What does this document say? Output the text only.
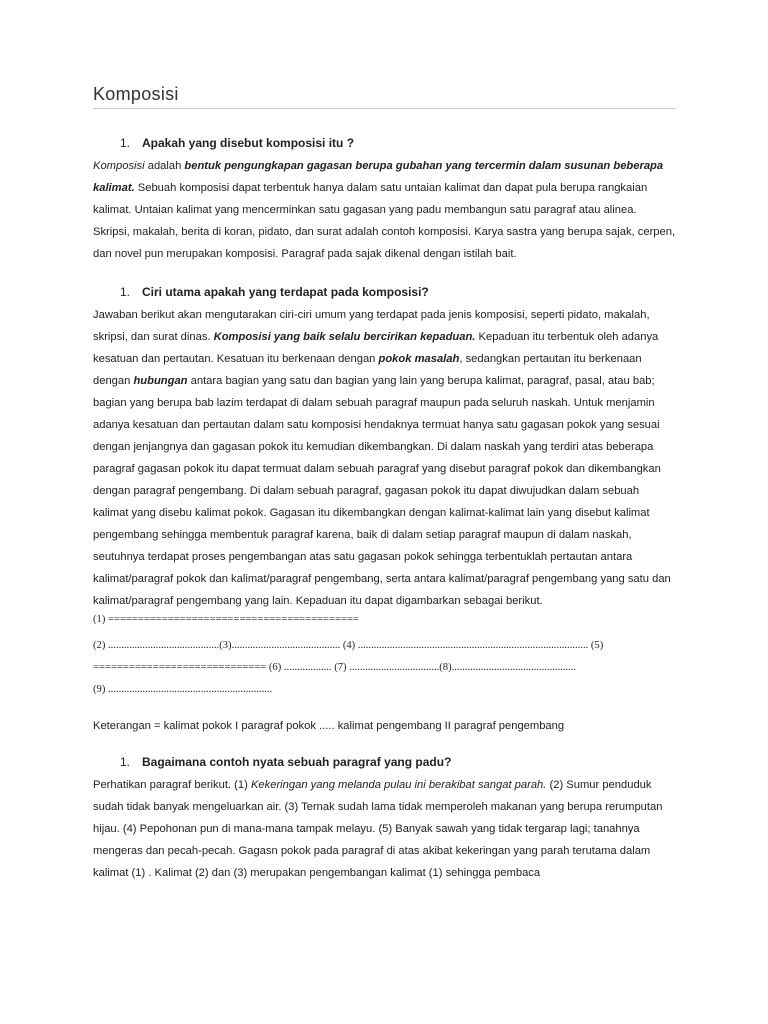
Komposisi
1. Apakah yang disebut komposisi itu ?

Komposisi adalah bentuk pengungkapan gagasan berupa gubahan yang tercermin dalam susunan beberapa kalimat. Sebuah komposisi dapat terbentuk hanya dalam satu untaian kalimat dan dapat pula berupa rangkaian kalimat. Untaian kalimat yang mencerminkan satu gagasan yang padu membangun satu paragraf atau alinea. Skripsi, makalah, berita di koran, pidato, dan surat adalah contoh komposisi. Karya sastra yang berupa sajak, cerpen, dan novel pun merupakan komposisi. Paragraf pada sajak dikenal dengan istilah bait.

1. Ciri utama apakah yang terdapat pada komposisi?

Jawaban berikut akan mengutarakan ciri-ciri umum yang terdapat pada jenis komposisi, seperti pidato, makalah, skripsi, dan surat dinas. Komposisi yang baik selalu bercirikan kepaduan. Kepaduan itu terbentuk oleh adanya kesatuan dan pertautan. Kesatuan itu berkenaan dengan pokok masalah, sedangkan pertautan itu berkenaan dengan hubungan antara bagian yang satu dan bagian yang lain yang berupa kalimat, paragraf, pasal, atau bab; bagian yang berupa bab lazim terdapat di dalam sebuah paragraf maupun pada seluruh naskah. Untuk menjamin adanya kesatuan dan pertautan dalam satu komposisi hendaknya termuat hanya satu gagasan pokok yang sesuai dengan jenjangnya dan gagasan pokok itu kemudian dikembangkan. Di dalam naskah yang terdiri atas beberapa paragraf gagasan pokok itu dapat termuat dalam sebuah paragraf yang disebut paragraf pokok dan dikembangkan dengan paragraf pengembang. Di dalam sebuah paragraf, gagasan pokok itu dapat diwujudkan dalam sebuah kalimat yang disebu kalimat pokok. Gagasan itu dikembangkan dengan kalimat-kalimat lain yang disebut kalimat pengembang sehingga membentuk paragraf karena, baik di dalam setiap paragraf maupun di dalam naskah, seutuhnya terdapat proses pengembangan atas satu gagasan pokok sehingga terbentuklah pertautan antara kalimat/paragraf pokok dan kalimat/paragraf pengembang, serta antara kalimat/paragraf pengembang yang satu dan kalimat/paragraf pengembang yang lain. Kepaduan itu dapat digambarkan sebagai berikut.

(1) ==========================================

(2) ..........................................(3)......................................... (4) ....................................................................................... (5)

============================= (6) .................. (7) ..................................(8)...............................................

(9) ..............................................................

Keterangan = kalimat pokok I paragraf pokok ..... kalimat pengembang II paragraf pengembang

1. Bagaimana contoh nyata sebuah paragraf yang padu?

Perhatikan paragraf berikut. (1) Kekeringan yang melanda pulau ini berakibat sangat parah. (2) Sumur penduduk sudah tidak banyak mengeluarkan air. (3) Ternak sudah lama tidak memperoleh makanan yang berupa rerumputan hijau. (4) Pepohonan pun di mana-mana tampak melayu. (5) Banyak sawah yang tidak tergarap lagi; tanahnya mengeras dan pecah-pecah. Gagasn pokok pada paragraf di atas akibat kekeringan yang parah terutama dalam kalimat (1) . Kalimat (2) dan (3) merupakan pengembangan kalimat (1) sehingga pembaca
